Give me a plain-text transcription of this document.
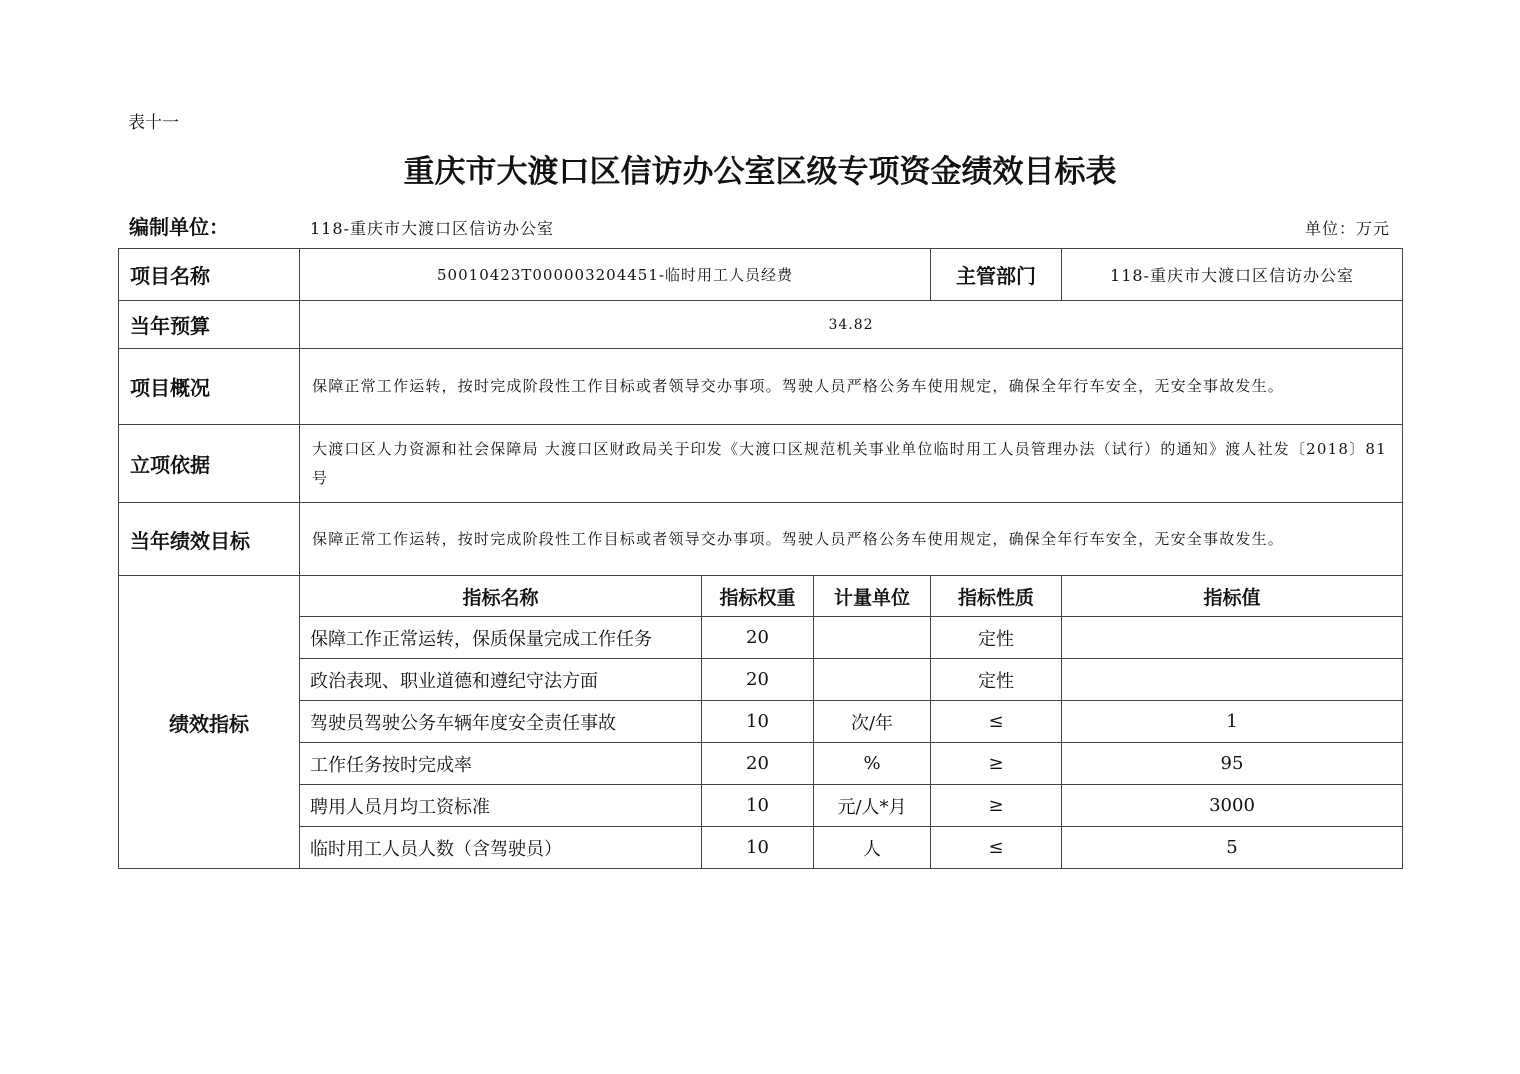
表十一
重庆市大渡口区信访办公室区级专项资金绩效目标表
编制单位：	118-重庆市大渡口区信访办公室	单位：万元
项目名称	50010423T000003204451-临时用工人员经费			主管部门	118-重庆市大渡口区信访办公室
当年预算	34.82				
项目概况	保障正常工作运转，按时完成阶段性工作目标或者领导交办事项。驾驶人员严格公务车使用规定，确保全年行车安全，无安全事故发生。				
立项依据	大渡口区人力资源和社会保障局 大渡口区财政局关于印发《大渡口区规范机关事业单位临时用工人员管理办法（试行）的通知》渡人社发〔2018〕81号				
当年绩效目标	保障正常工作运转，按时完成阶段性工作目标或者领导交办事项。驾驶人员严格公务车使用规定，确保全年行车安全，无安全事故发生。				
绩效指标	指标名称	指标权重	计量单位	指标性质	指标值
	保障工作正常运转，保质保量完成工作任务	20		定性	
	政治表现、职业道德和遵纪守法方面	20		定性	
	驾驶员驾驶公务车辆年度安全责任事故	10	次/年	≤	1
	工作任务按时完成率	20	%	≥	95
	聘用人员月均工资标准	10	元/人*月	≥	3000
	临时用工人员人数（含驾驶员）	10	人	≤	5
